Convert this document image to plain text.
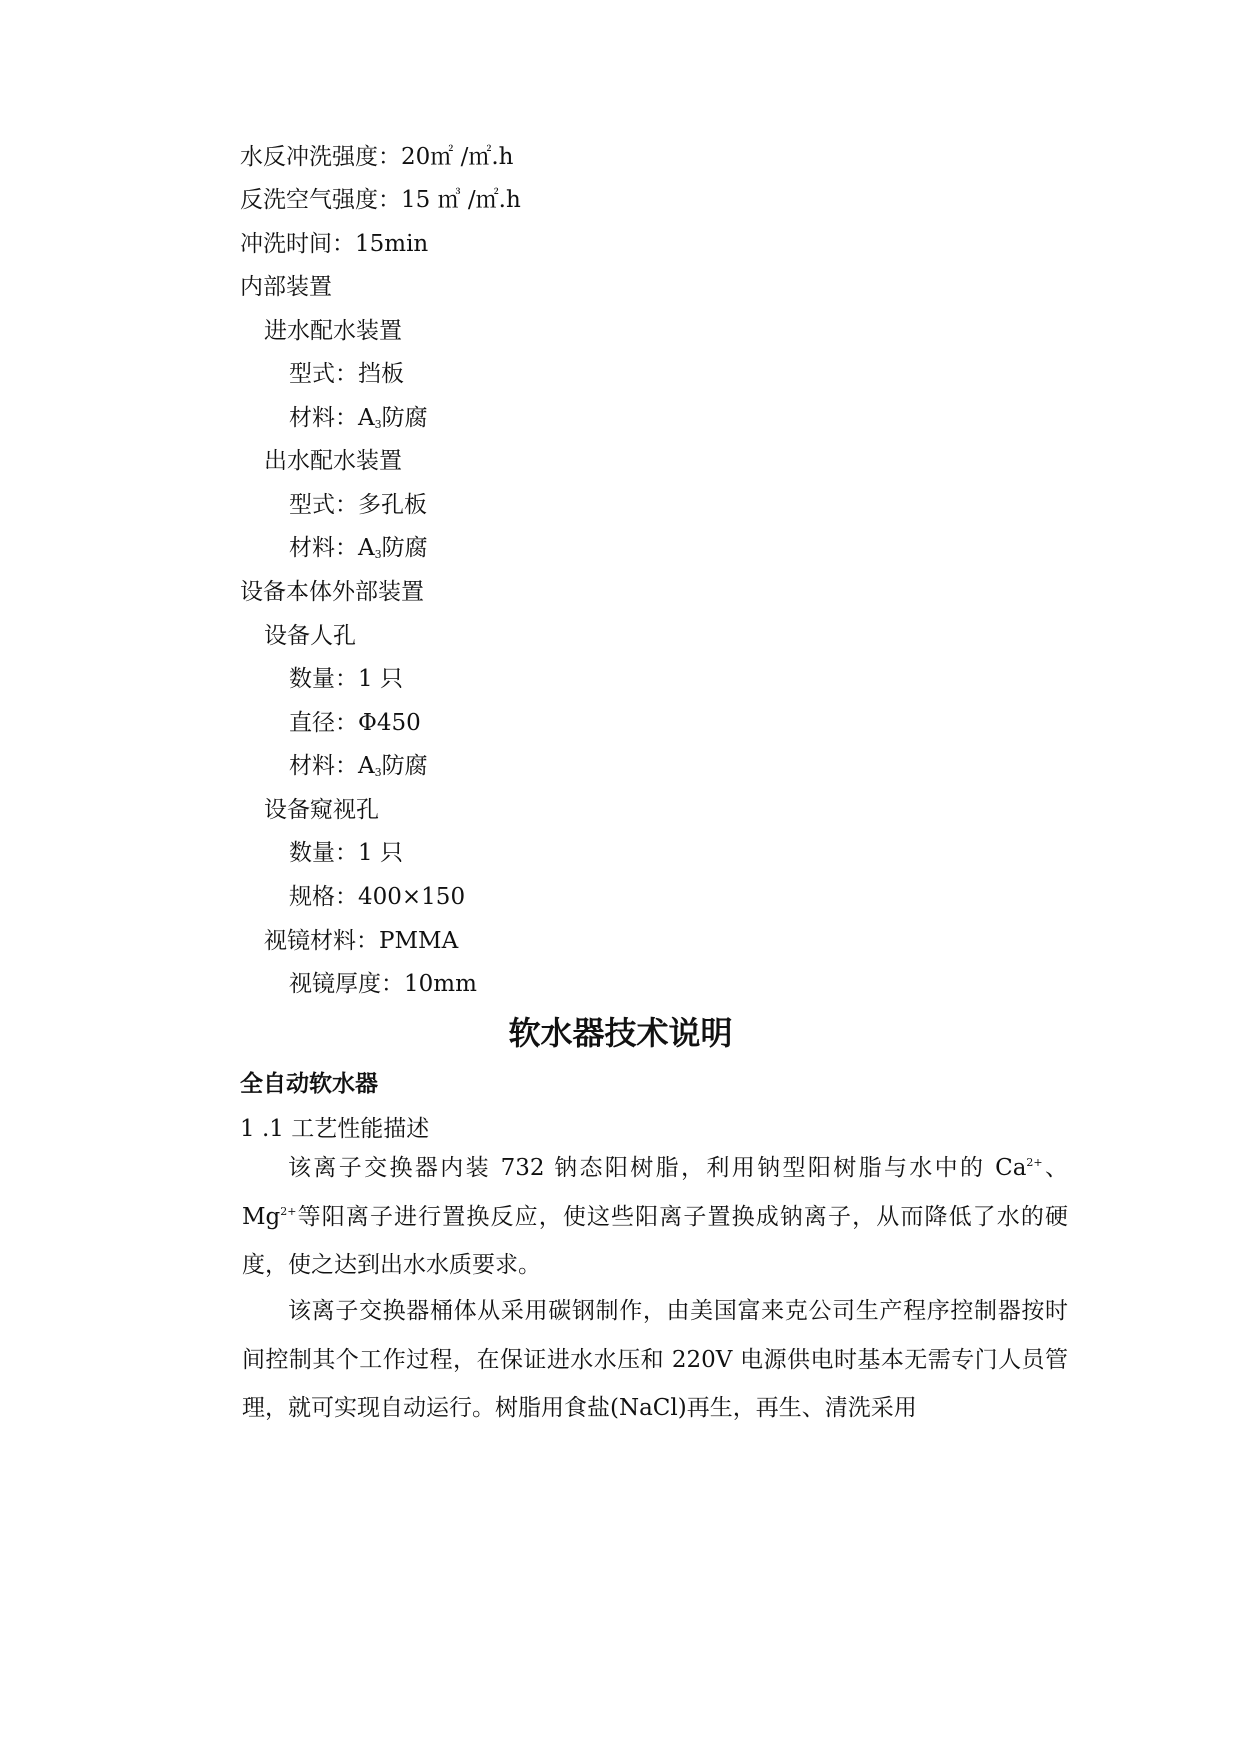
水反冲洗强度：20㎡ /㎡.h
反洗空气强度：15 ㎥ /㎡.h
冲洗时间：15min
内部装置
进水配水装置
型式：挡板
材料：$A_3$防腐
出水配水装置
型式：多孔板
材料：$A_3$防腐
设备本体外部装置
设备人孔
数量：1 只
直径：Φ450
材料：$A_3$防腐
设备窥视孔
数量：1 只
规格：400×150
视镜材料：PMMA
视镜厚度：10mm
软水器技术说明
全自动软水器
1 .1 工艺性能描述
该离子交换器内装 732 钠态阳树脂，利用钠型阳树脂与水中的 $Ca^{2+}$、$Mg^{2+}$等阳离子进行置换反应，使这些阳离子置换成钠离子，从而降低了水的硬度，使之达到出水水质要求。
该离子交换器桶体从采用碳钢制作，由美国富来克公司生产程序控制器按时间控制其个工作过程，在保证进水水压和 220V 电源供电时基本无需专门人员管理，就可实现自动运行。树脂用食盐(NaCl)再生，再生、清洗采用
